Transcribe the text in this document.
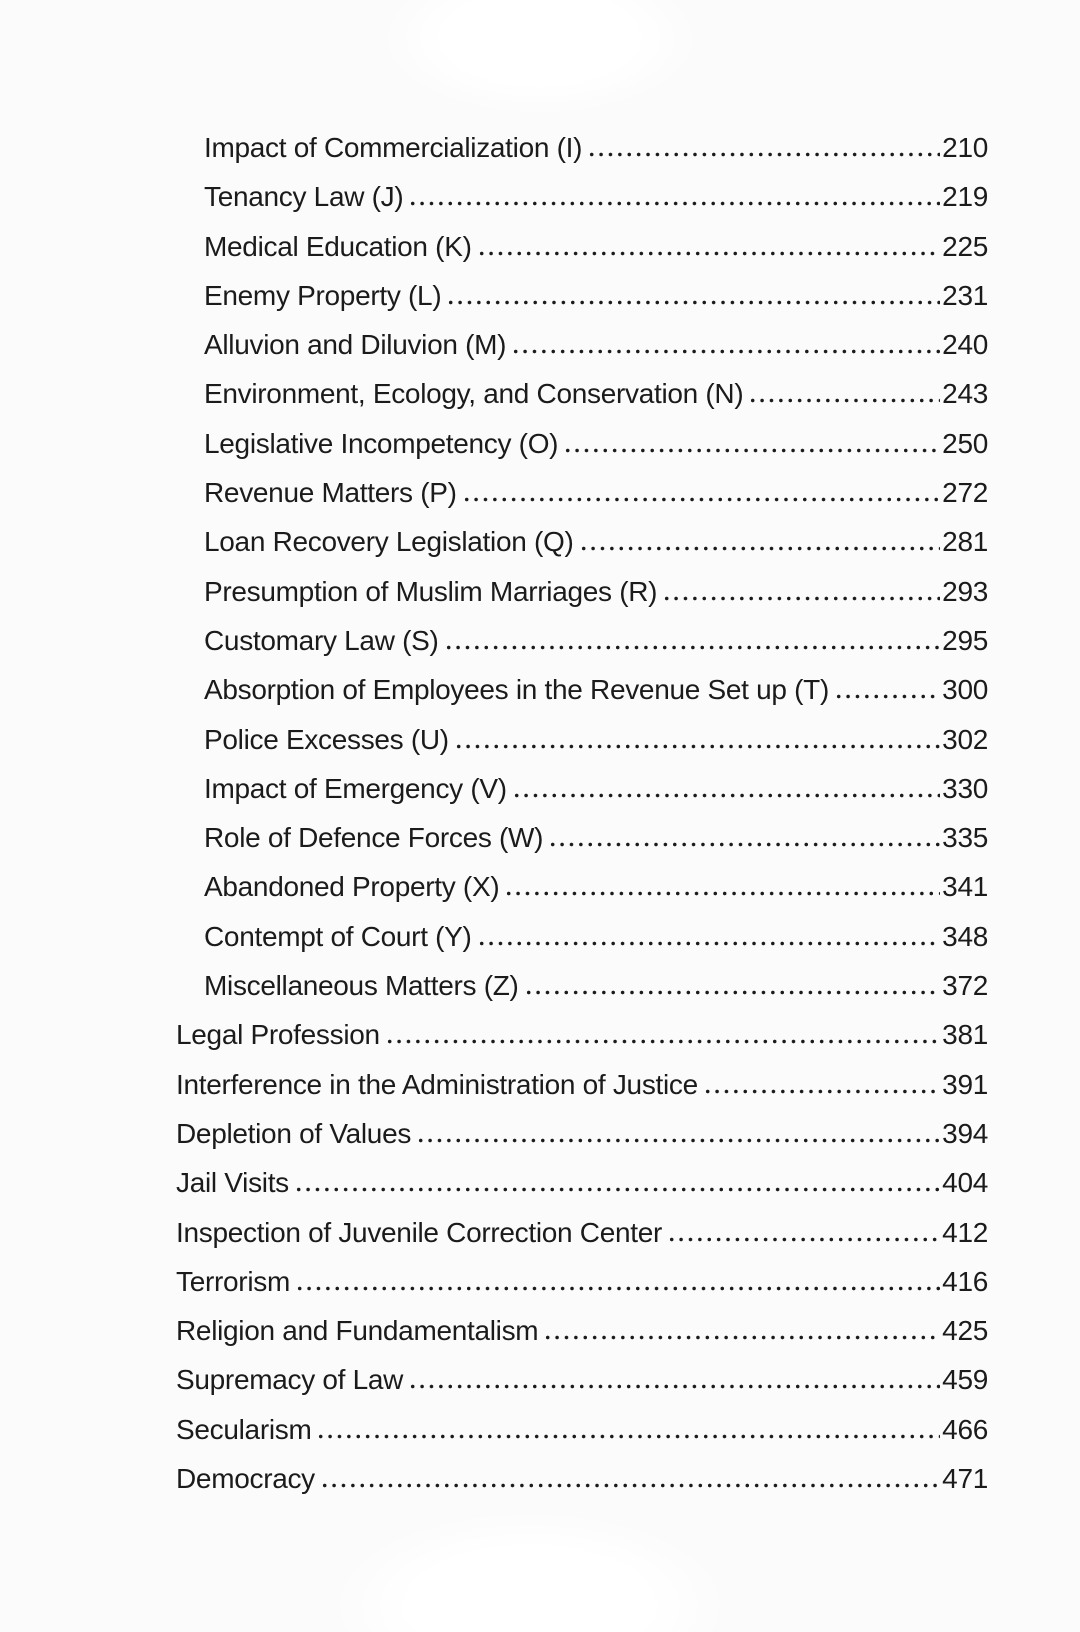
Impact of Commercialization (I)	210
Tenancy Law (J)	219
Medical Education (K)	225
Enemy Property (L)	231
Alluvion and Diluvion (M)	240
Environment, Ecology, and Conservation (N)	243
Legislative Incompetency (O)	250
Revenue Matters (P)	272
Loan Recovery Legislation (Q)	281
Presumption of Muslim Marriages (R)	293
Customary Law (S)	295
Absorption of Employees in the Revenue Set up (T)	300
Police Excesses (U)	302
Impact of Emergency (V)	330
Role of Defence Forces (W)	335
Abandoned Property (X)	341
Contempt of Court (Y)	348
Miscellaneous Matters (Z)	372
Legal Profession	381
Interference in the Administration of Justice	391
Depletion of Values	394
Jail Visits	404
Inspection of Juvenile Correction Center	412
Terrorism	416
Religion and Fundamentalism	425
Supremacy of Law	459
Secularism	466
Democracy	471
